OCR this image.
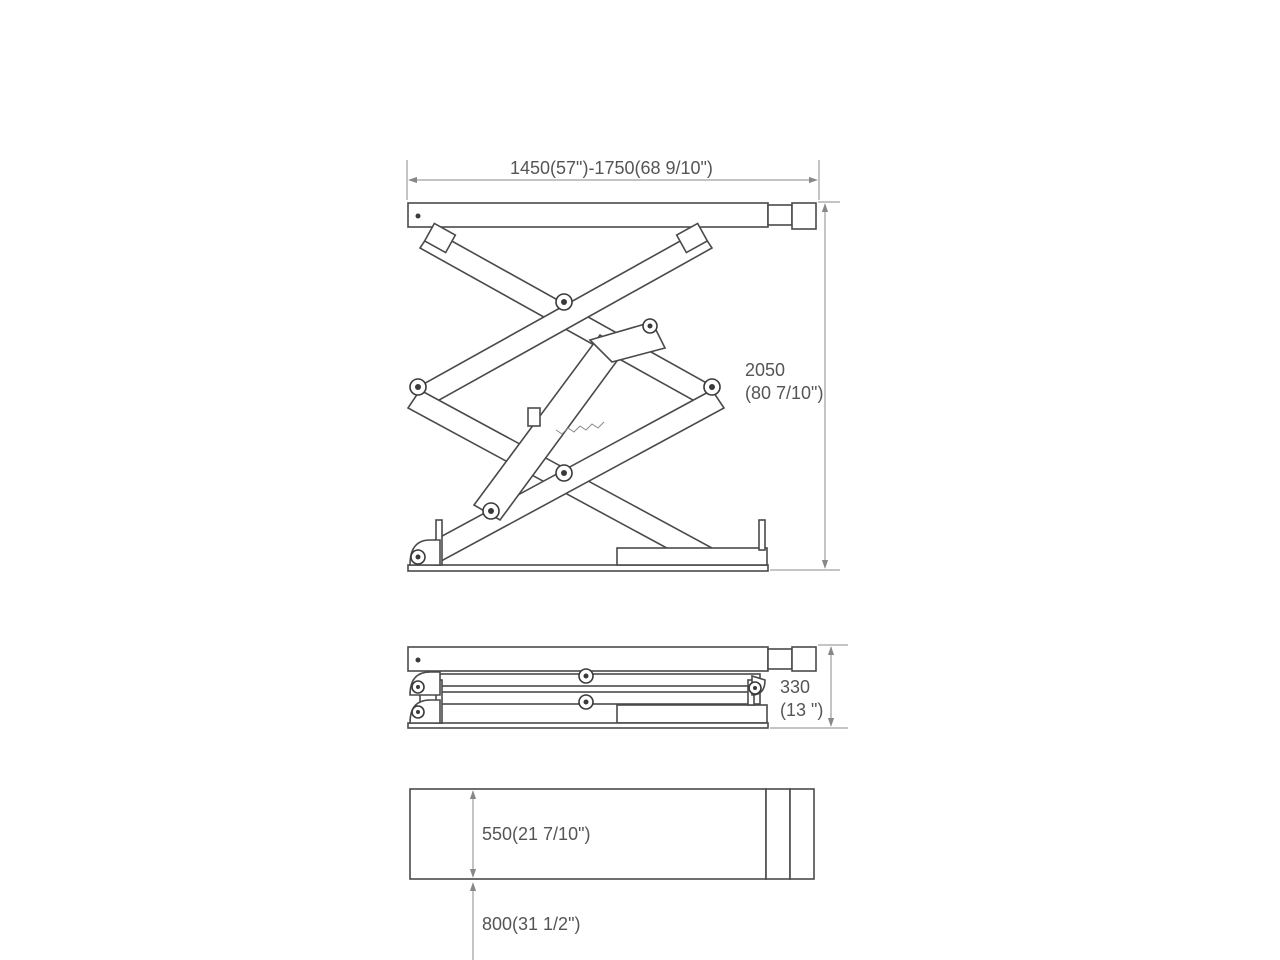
1450(57")-1750(68 9/10")
2050
(80 7/10")
330
(13 ")
550(21 7/10")
800(31 1/2")
